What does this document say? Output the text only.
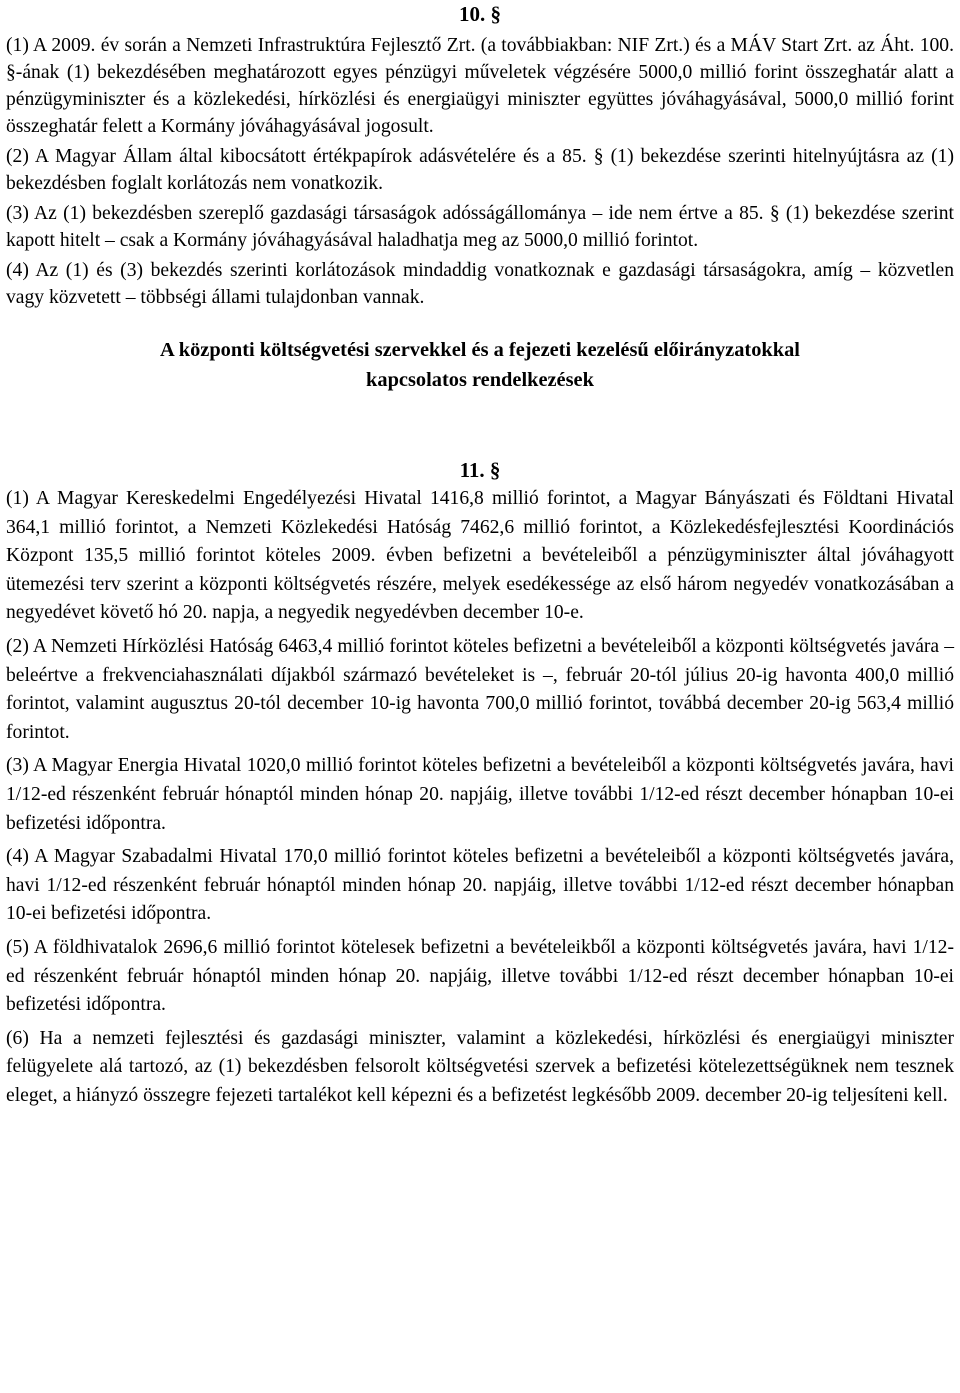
10. §

(1) A 2009. év során a Nemzeti Infrastruktúra Fejlesztő Zrt. (a továbbiakban: NIF Zrt.) és a MÁV Start Zrt. az Áht. 100. §-ának (1) bekezdésében meghatározott egyes pénzügyi műveletek végzésére 5000,0 millió forint összeghatár alatt a pénzügyminiszter és a közlekedési, hírközlési és energiaügyi miniszter együttes jóváhagyásával, 5000,0 millió forint összeghatár felett a Kormány jóváhagyásával jogosult.

(2) A Magyar Állam által kibocsátott értékpapírok adásvételére és a 85. § (1) bekezdése szerinti hitelnyújtásra az (1) bekezdésben foglalt korlátozás nem vonatkozik.

(3) Az (1) bekezdésben szereplő gazdasági társaságok adósságállománya – ide nem értve a 85. § (1) bekezdése szerint kapott hitelt – csak a Kormány jóváhagyásával haladhatja meg az 5000,0 millió forintot.

(4) Az (1) és (3) bekezdés szerinti korlátozások mindaddig vonatkoznak e gazdasági társaságokra, amíg – közvetlen vagy közvetett – többségi állami tulajdonban vannak.

A központi költségvetési szervekkel és a fejezeti kezelésű előirányzatokkal
kapcsolatos rendelkezések
11. §

(1) A Magyar Kereskedelmi Engedélyezési Hivatal 1416,8 millió forintot, a Magyar Bányászati és Földtani Hivatal 364,1 millió forintot, a Nemzeti Közlekedési Hatóság 7462,6 millió forintot, a Közlekedésfejlesztési Koordinációs Központ 135,5 millió forintot köteles 2009. évben befizetni a bevételeiből a pénzügyminiszter által jóváhagyott ütemezési terv szerint a központi költségvetés részére, melyek esedékessége az első három negyedév vonatkozásában a negyedévet követő hó 20. napja, a negyedik negyedévben december 10-e.

(2) A Nemzeti Hírközlési Hatóság 6463,4 millió forintot köteles befizetni a bevételeiből a központi költségvetés javára – beleértve a frekvenciahasználati díjakból származó bevételeket is –, február 20-tól július 20-ig havonta 400,0 millió forintot, valamint augusztus 20-tól december 10-ig havonta 700,0 millió forintot, továbbá december 20-ig 563,4 millió forintot.

(3) A Magyar Energia Hivatal 1020,0 millió forintot köteles befizetni a bevételeiből a központi költségvetés javára, havi 1/12-ed részenként február hónaptól minden hónap 20. napjáig, illetve további 1/12-ed részt december hónapban 10-ei befizetési időpontra.

(4) A Magyar Szabadalmi Hivatal 170,0 millió forintot köteles befizetni a bevételeiből a központi költségvetés javára, havi 1/12-ed részenként február hónaptól minden hónap 20. napjáig, illetve további 1/12-ed részt december hónapban 10-ei befizetési időpontra.

(5) A földhivatalok 2696,6 millió forintot kötelesek befizetni a bevételeikből a központi költségvetés javára, havi 1/12-ed részenként február hónaptól minden hónap 20. napjáig, illetve további 1/12-ed részt december hónapban 10-ei befizetési időpontra.

(6) Ha a nemzeti fejlesztési és gazdasági miniszter, valamint a közlekedési, hírközlési és energiaügyi miniszter felügyelete alá tartozó, az (1) bekezdésben felsorolt költségvetési szervek a befizetési kötelezettségüknek nem tesznek eleget, a hiányzó összegre fejezeti tartalékot kell képezni és a befizetést legkésőbb 2009. december 20-ig teljesíteni kell.
